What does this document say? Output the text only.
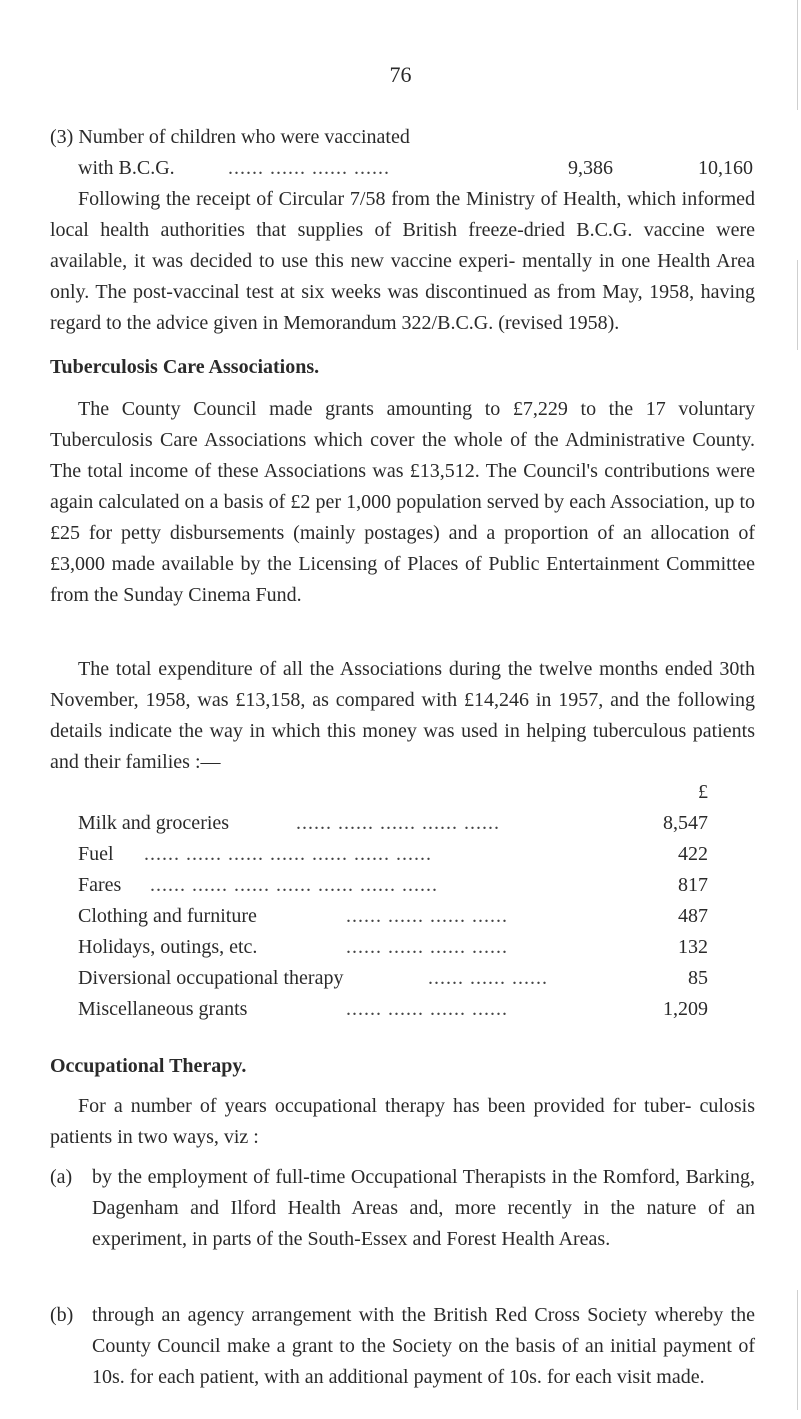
76
(3) Number of children who were vaccinated
with B.C.G.	...... ...... ...... ......	9,386	10,160

Following the receipt of Circular 7/58 from the Ministry of Health, which informed local health authorities that supplies of British freeze-dried B.C.G. vaccine were available, it was decided to use this new vaccine experi- mentally in one Health Area only. The post-vaccinal test at six weeks was discontinued as from May, 1958, having regard to the advice given in Memorandum 322/B.C.G. (revised 1958).

Tuberculosis Care Associations.

The County Council made grants amounting to £7,229 to the 17 voluntary Tuberculosis Care Associations which cover the whole of the Administrative County. The total income of these Associations was £13,512. The Council's contributions were again calculated on a basis of £2 per 1,000 population served by each Association, up to £25 for petty disbursements (mainly postages) and a proportion of an allocation of £3,000 made available by the Licensing of Places of Public Entertainment Committee from the Sunday Cinema Fund.

The total expenditure of all the Associations during the twelve months ended 30th November, 1958, was £13,158, as compared with £14,246 in 1957, and the following details indicate the way in which this money was used in helping tuberculous patients and their families :—

£
Milk and groceries	...... ...... ...... ...... ......	8,547
Fuel ...... ...... ...... ...... ...... ...... ......	422
Fares ...... ...... ...... ...... ...... ...... ......	817
Clothing and furniture	...... ...... ...... ......	487
Holidays, outings, etc.	...... ...... ...... ......	132
Diversional occupational therapy	...... ...... ......	85
Miscellaneous grants	...... ...... ...... ......	1,209
Occupational Therapy.

For a number of years occupational therapy has been provided for tuber- culosis patients in two ways, viz :

(a) by the employment of full-time Occupational Therapists in the Romford, Barking, Dagenham and Ilford Health Areas and, more recently in the nature of an experiment, in parts of the South-Essex and Forest Health Areas.
(b) through an agency arrangement with the British Red Cross Society whereby the County Council make a grant to the Society on the basis of an initial payment of 10s. for each patient, with an additional payment of 10s. for each visit made.
